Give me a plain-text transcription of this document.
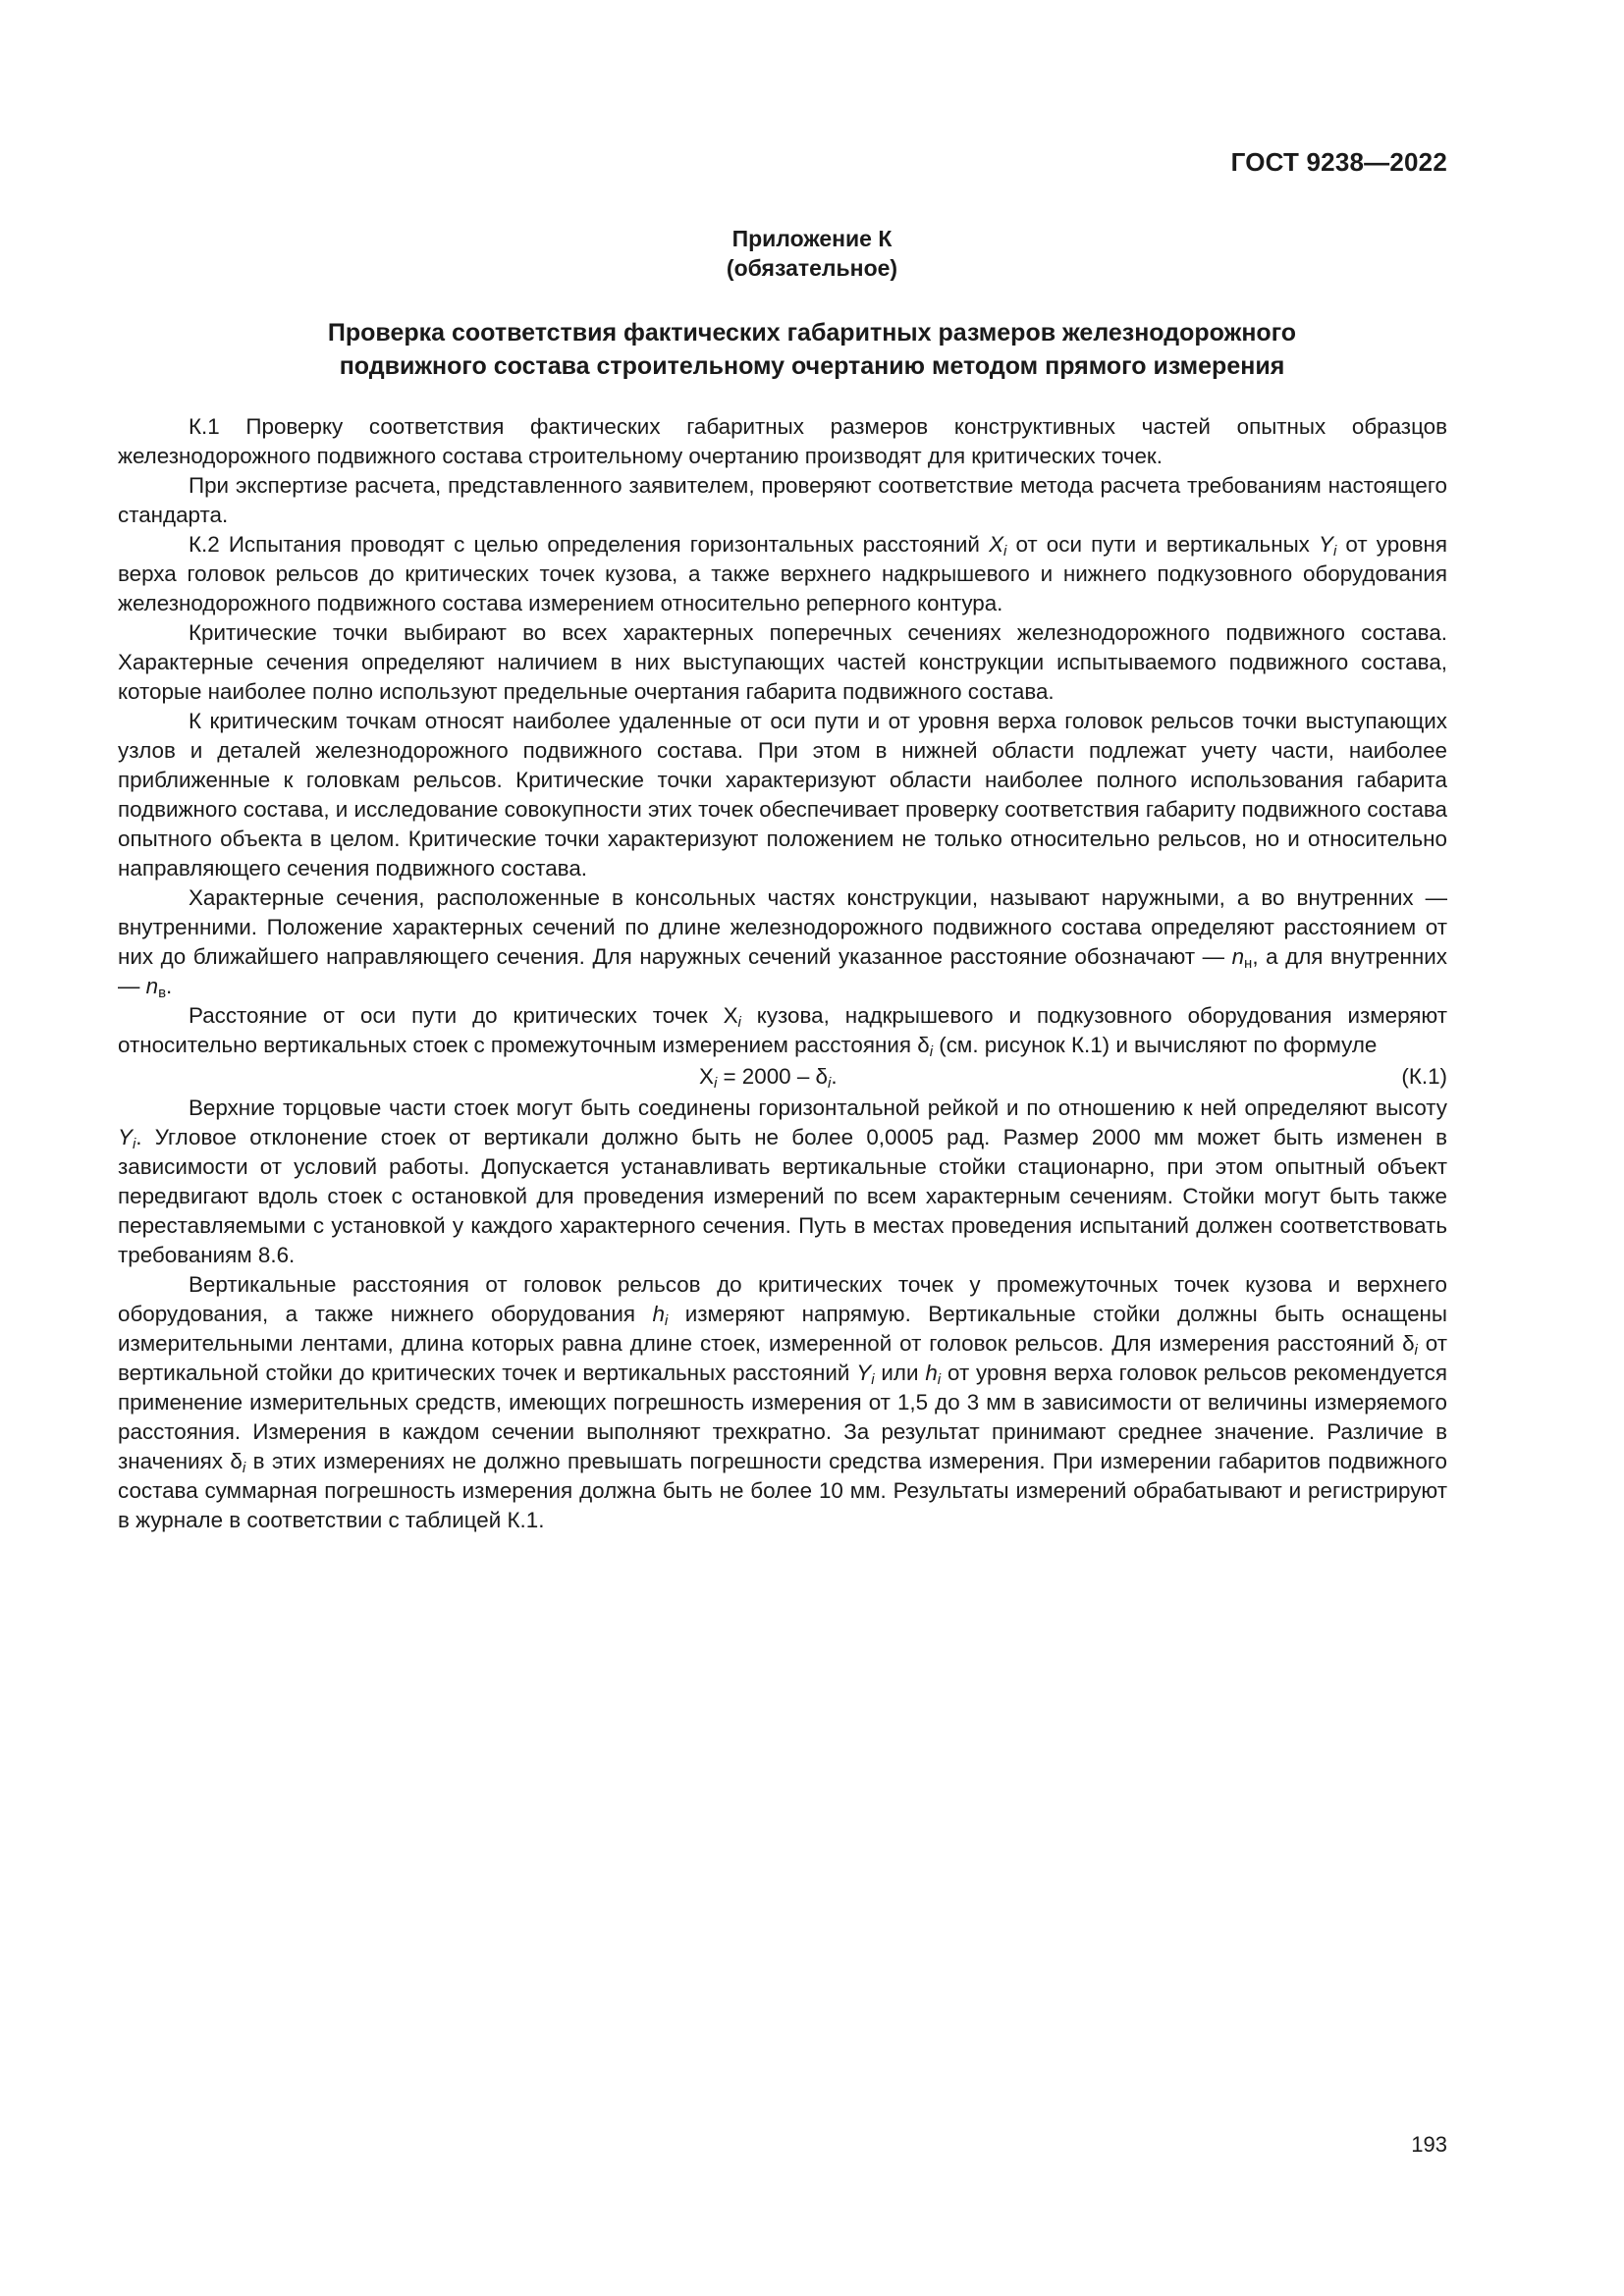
ГОСТ 9238—2022
Приложение К
(обязательное)
Проверка соответствия фактических габаритных размеров железнодорожного
подвижного состава строительному очертанию методом прямого измерения

К.1 Проверку соответствия фактических габаритных размеров конструктивных частей опытных образцов железнодорожного подвижного состава строительному очертанию производят для критических точек.

При экспертизе расчета, представленного заявителем, проверяют соответствие метода расчета требованиям настоящего стандарта.

К.2 Испытания проводят с целью определения горизонтальных расстояний $X_i$ от оси пути и вертикальных $Y_i$ от уровня верха головок рельсов до критических точек кузова, а также верхнего надкрышевого и нижнего подкузовного оборудования железнодорожного подвижного состава измерением относительно реперного контура.

Критические точки выбирают во всех характерных поперечных сечениях железнодорожного подвижного состава. Характерные сечения определяют наличием в них выступающих частей конструкции испытываемого подвижного состава, которые наиболее полно используют предельные очертания габарита подвижного состава.

К критическим точкам относят наиболее удаленные от оси пути и от уровня верха головок рельсов точки выступающих узлов и деталей железнодорожного подвижного состава. При этом в нижней области подлежат учету части, наиболее приближенные к головкам рельсов. Критические точки характеризуют области наиболее полного использования габарита подвижного состава, и исследование совокупности этих точек обеспечивает проверку соответствия габариту подвижного состава опытного объекта в целом. Критические точки характеризуют положением не только относительно рельсов, но и относительно направляющего сечения подвижного состава.

Характерные сечения, расположенные в консольных частях конструкции, называют наружными, а во внутренних — внутренними. Положение характерных сечений по длине железнодорожного подвижного состава определяют расстоянием от них до ближайшего направляющего сечения. Для наружных сечений указанное расстояние обозначают — $n_н$, а для внутренних — $n_в$.

Расстояние от оси пути до критических точек $X_i$ кузова, надкрышевого и подкузовного оборудования измеряют относительно вертикальных стоек с промежуточным измерением расстояния $\delta_i$ (см. рисунок К.1) и вычисляют по формуле

$X_i = 2000 - \delta_i$.	(К.1)

Верхние торцовые части стоек могут быть соединены горизонтальной рейкой и по отношению к ней определяют высоту $Y_i$. Угловое отклонение стоек от вертикали должно быть не более 0,0005 рад. Размер 2000 мм может быть изменен в зависимости от условий работы. Допускается устанавливать вертикальные стойки стационарно, при этом опытный объект передвигают вдоль стоек с остановкой для проведения измерений по всем характерным сечениям. Стойки могут быть также переставляемыми с установкой у каждого характерного сечения. Путь в местах проведения испытаний должен соответствовать требованиям 8.6.

Вертикальные расстояния от головок рельсов до критических точек у промежуточных точек кузова и верхнего оборудования, а также нижнего оборудования $h_i$ измеряют напрямую. Вертикальные стойки должны быть оснащены измерительными лентами, длина которых равна длине стоек, измеренной от головок рельсов. Для измерения расстояний $\delta_i$ от вертикальной стойки до критических точек и вертикальных расстояний $Y_i$ или $h_i$ от уровня верха головок рельсов рекомендуется применение измерительных средств, имеющих погрешность измерения от 1,5 до 3 мм в зависимости от величины измеряемого расстояния. Измерения в каждом сечении выполняют трехкратно. За результат принимают среднее значение. Различие в значениях $\delta_i$ в этих измерениях не должно превышать погрешности средства измерения. При измерении габаритов подвижного состава суммарная погрешность измерения должна быть не более 10 мм. Результаты измерений обрабатывают и регистрируют в журнале в соответствии с таблицей К.1.

193
